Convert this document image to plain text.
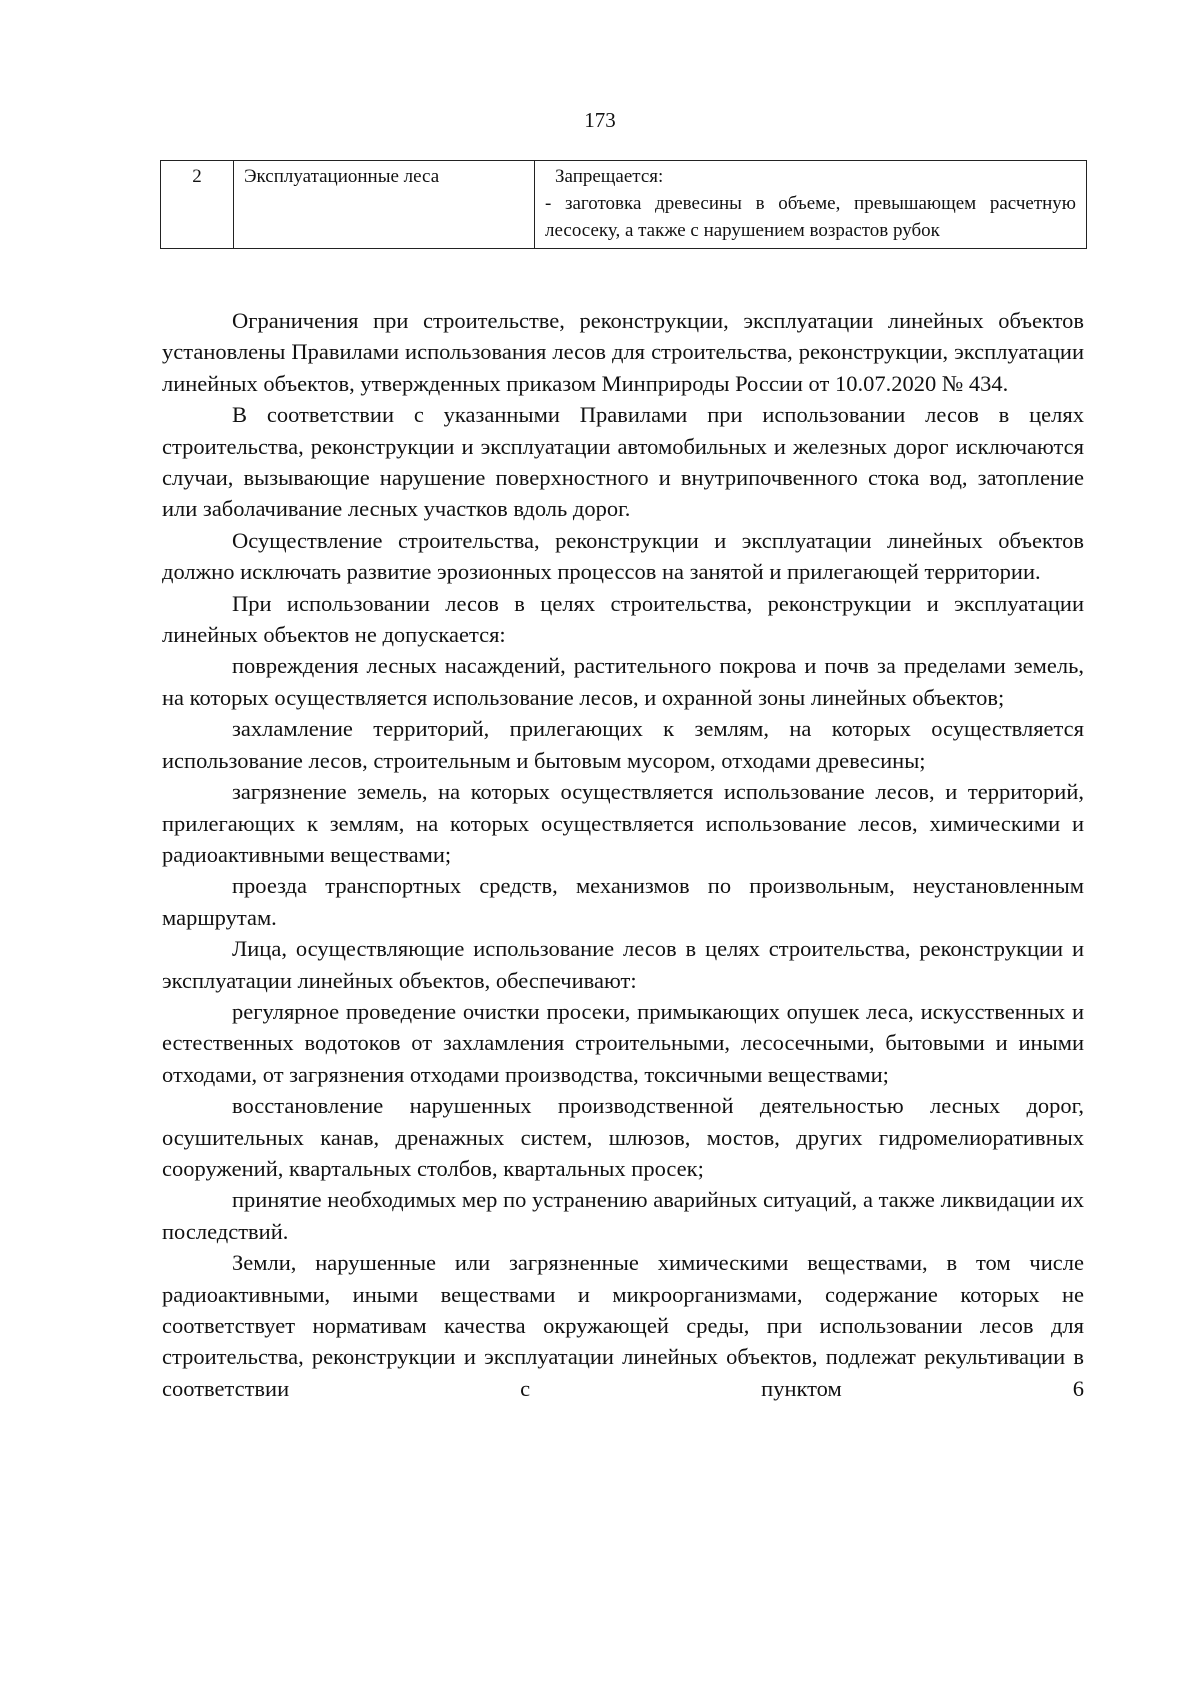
173
2	Эксплуатационные леса	Запрещается:
- заготовка древесины в объеме, превышающем расчетную лесосеку, а также с нарушением возрастов рубок

Ограничения при строительстве, реконструкции, эксплуатации линейных объектов установлены Правилами использования лесов для строительства, реконструкции, эксплуатации линейных объектов, утвержденных приказом Минприроды России от 10.07.2020 № 434.

В соответствии с указанными Правилами при использовании лесов в целях строительства, реконструкции и эксплуатации автомобильных и железных дорог исключаются случаи, вызывающие нарушение поверхностного и внутрипочвенного стока вод, затопление или заболачивание лесных участков вдоль дорог.

Осуществление строительства, реконструкции и эксплуатации линейных объектов должно исключать развитие эрозионных процессов на занятой и прилегающей территории.

При использовании лесов в целях строительства, реконструкции и эксплуатации линейных объектов не допускается:

повреждения лесных насаждений, растительного покрова и почв за пределами земель, на которых осуществляется использование лесов, и охранной зоны линейных объектов;

захламление территорий, прилегающих к землям, на которых осуществляется использование лесов, строительным и бытовым мусором, отходами древесины;

загрязнение земель, на которых осуществляется использование лесов, и территорий, прилегающих к землям, на которых осуществляется использование лесов, химическими и радиоактивными веществами;

проезда транспортных средств, механизмов по произвольным, неустановленным маршрутам.

Лица, осуществляющие использование лесов в целях строительства, реконструкции и эксплуатации линейных объектов, обеспечивают:

регулярное проведение очистки просеки, примыкающих опушек леса, искусственных и естественных водотоков от захламления строительными, лесосечными, бытовыми и иными отходами, от загрязнения отходами производства, токсичными веществами;

восстановление нарушенных производственной деятельностью лесных дорог, осушительных канав, дренажных систем, шлюзов, мостов, других гидромелиоративных сооружений, квартальных столбов, квартальных просек;

принятие необходимых мер по устранению аварийных ситуаций, а также ликвидации их последствий.

Земли, нарушенные или загрязненные химическими веществами, в том числе радиоактивными, иными веществами и микроорганизмами, содержание которых не соответствует нормативам качества окружающей среды, при использовании лесов для строительства, реконструкции и эксплуатации линейных объектов, подлежат рекультивации в соответствии с пунктом 6
